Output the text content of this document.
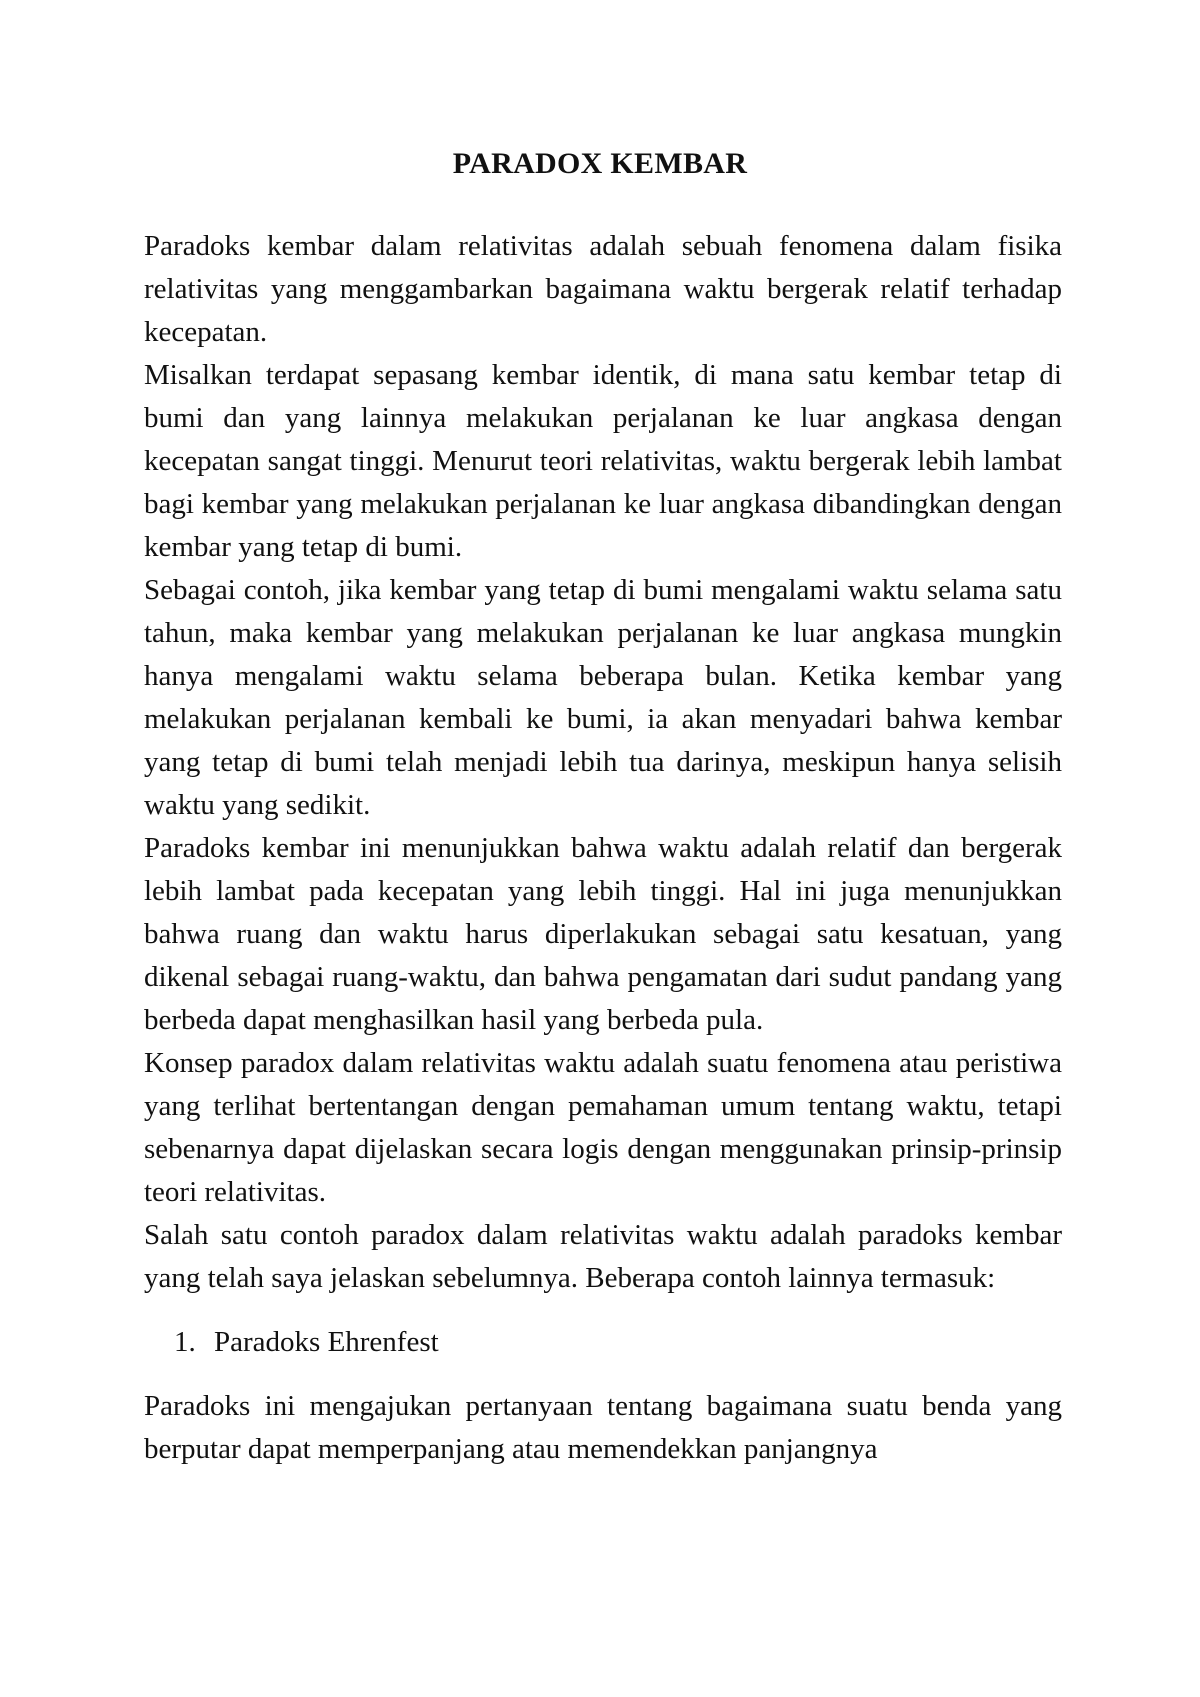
PARADOX KEMBAR

Paradoks kembar dalam relativitas adalah sebuah fenomena dalam fisika relativitas yang menggambarkan bagaimana waktu bergerak relatif terhadap kecepatan.

Misalkan terdapat sepasang kembar identik, di mana satu kembar tetap di bumi dan yang lainnya melakukan perjalanan ke luar angkasa dengan kecepatan sangat tinggi. Menurut teori relativitas, waktu bergerak lebih lambat bagi kembar yang melakukan perjalanan ke luar angkasa dibandingkan dengan kembar yang tetap di bumi.

Sebagai contoh, jika kembar yang tetap di bumi mengalami waktu selama satu tahun, maka kembar yang melakukan perjalanan ke luar angkasa mungkin hanya mengalami waktu selama beberapa bulan. Ketika kembar yang melakukan perjalanan kembali ke bumi, ia akan menyadari bahwa kembar yang tetap di bumi telah menjadi lebih tua darinya, meskipun hanya selisih waktu yang sedikit.

Paradoks kembar ini menunjukkan bahwa waktu adalah relatif dan bergerak lebih lambat pada kecepatan yang lebih tinggi. Hal ini juga menunjukkan bahwa ruang dan waktu harus diperlakukan sebagai satu kesatuan, yang dikenal sebagai ruang-waktu, dan bahwa pengamatan dari sudut pandang yang berbeda dapat menghasilkan hasil yang berbeda pula.

Konsep paradox dalam relativitas waktu adalah suatu fenomena atau peristiwa yang terlihat bertentangan dengan pemahaman umum tentang waktu, tetapi sebenarnya dapat dijelaskan secara logis dengan menggunakan prinsip-prinsip teori relativitas.

Salah satu contoh paradox dalam relativitas waktu adalah paradoks kembar yang telah saya jelaskan sebelumnya. Beberapa contoh lainnya termasuk:

1. Paradoks Ehrenfest

Paradoks ini mengajukan pertanyaan tentang bagaimana suatu benda yang berputar dapat memperpanjang atau memendekkan panjangnya
